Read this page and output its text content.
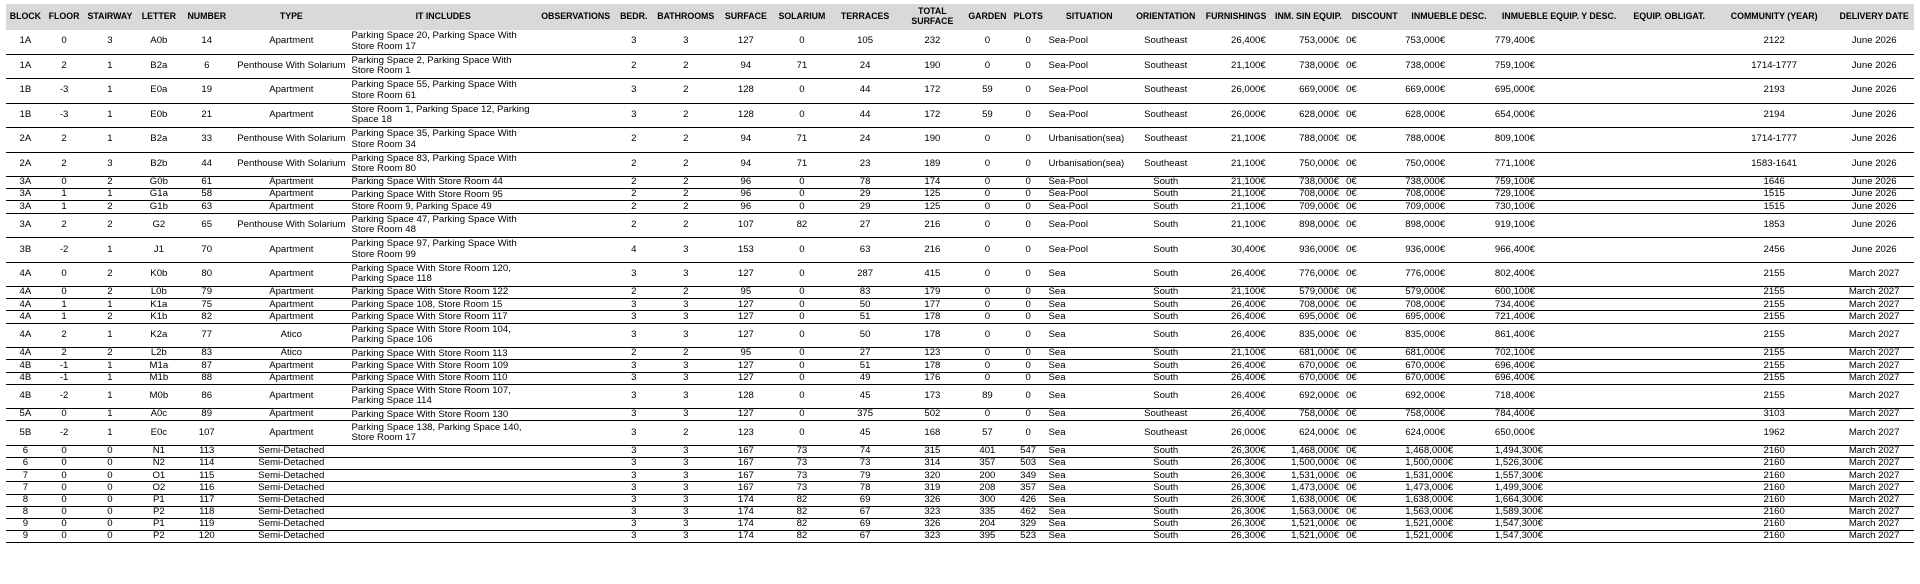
BLOCK	FLOOR	STAIRWAY	LETTER	NUMBER	TYPE	IT INCLUDES	OBSERVATIONS	BEDR.	BATHROOMS	SURFACE	SOLARIUM	TERRACES	TOTAL SURFACE	GARDEN	PLOTS	SITUATION	ORIENTATION	FURNISHINGS	INM. SIN EQUIP.	DISCOUNT	INMUEBLE DESC.	INMUEBLE EQUIP. Y DESC.	EQUIP. OBLIGAT.	COMMUNITY (YEAR)	DELIVERY DATE
1A	0	3	A0b	14	Apartment	Parking Space 20, Parking Space With Store Room 17		3	3	127	0	105	232	0	0	Sea-Pool	Southeast	26,400€	753,000€	0€	753,000€	779,400€		2122	June 2026
1A	2	1	B2a	6	Penthouse With Solarium	Parking Space 2, Parking Space With Store Room 1		2	2	94	71	24	190	0	0	Sea-Pool	Southeast	21,100€	738,000€	0€	738,000€	759,100€		1714-1777	June 2026
1B	-3	1	E0a	19	Apartment	Parking Space 55, Parking Space With Store Room 61		3	2	128	0	44	172	59	0	Sea-Pool	Southeast	26,000€	669,000€	0€	669,000€	695,000€		2193	June 2026
1B	-3	1	E0b	21	Apartment	Store Room 1, Parking Space 12, Parking Space 18		3	2	128	0	44	172	59	0	Sea-Pool	Southeast	26,000€	628,000€	0€	628,000€	654,000€		2194	June 2026
2A	2	1	B2a	33	Penthouse With Solarium	Parking Space 35, Parking Space With Store Room 34		2	2	94	71	24	190	0	0	Urbanisation(sea)	Southeast	21,100€	788,000€	0€	788,000€	809,100€		1714-1777	June 2026
2A	2	3	B2b	44	Penthouse With Solarium	Parking Space 83, Parking Space With Store Room 80		2	2	94	71	23	189	0	0	Urbanisation(sea)	Southeast	21,100€	750,000€	0€	750,000€	771,100€		1583-1641	June 2026
3A	0	2	G0b	61	Apartment	Parking Space With Store Room 44		2	2	96	0	78	174	0	0	Sea-Pool	South	21,100€	738,000€	0€	738,000€	759,100€		1646	June 2026
3A	1	1	G1a	58	Apartment	Parking Space With Store Room 95		2	2	96	0	29	125	0	0	Sea-Pool	South	21,100€	708,000€	0€	708,000€	729,100€		1515	June 2026
3A	1	2	G1b	63	Apartment	Store Room 9, Parking Space 49		2	2	96	0	29	125	0	0	Sea-Pool	South	21,100€	709,000€	0€	709,000€	730,100€		1515	June 2026
3A	2	2	G2	65	Penthouse With Solarium	Parking Space 47, Parking Space With Store Room 48		2	2	107	82	27	216	0	0	Sea-Pool	South	21,100€	898,000€	0€	898,000€	919,100€		1853	June 2026
3B	-2	1	J1	70	Apartment	Parking Space 97, Parking Space With Store Room 99		4	3	153	0	63	216	0	0	Sea-Pool	South	30,400€	936,000€	0€	936,000€	966,400€		2456	June 2026
4A	0	2	K0b	80	Apartment	Parking Space With Store Room 120, Parking Space 118		3	3	127	0	287	415	0	0	Sea	South	26,400€	776,000€	0€	776,000€	802,400€		2155	March 2027
4A	0	2	L0b	79	Apartment	Parking Space With Store Room 122		2	2	95	0	83	179	0	0	Sea	South	21,100€	579,000€	0€	579,000€	600,100€		2155	March 2027
4A	1	1	K1a	75	Apartment	Parking Space 108, Store Room 15		3	3	127	0	50	177	0	0	Sea	South	26,400€	708,000€	0€	708,000€	734,400€		2155	March 2027
4A	1	2	K1b	82	Apartment	Parking Space With Store Room 117		3	3	127	0	51	178	0	0	Sea	South	26,400€	695,000€	0€	695,000€	721,400€		2155	March 2027
4A	2	1	K2a	77	Atico	Parking Space With Store Room 104, Parking Space 106		3	3	127	0	50	178	0	0	Sea	South	26,400€	835,000€	0€	835,000€	861,400€		2155	March 2027
4A	2	2	L2b	83	Atico	Parking Space With Store Room 113		2	2	95	0	27	123	0	0	Sea	South	21,100€	681,000€	0€	681,000€	702,100€		2155	March 2027
4B	-1	1	M1a	87	Apartment	Parking Space With Store Room 109		3	3	127	0	51	178	0	0	Sea	South	26,400€	670,000€	0€	670,000€	696,400€		2155	March 2027
4B	-1	1	M1b	88	Apartment	Parking Space With Store Room 110		3	3	127	0	49	176	0	0	Sea	South	26,400€	670,000€	0€	670,000€	696,400€		2155	March 2027
4B	-2	1	M0b	86	Apartment	Parking Space With Store Room 107, Parking Space 114		3	3	128	0	45	173	89	0	Sea	South	26,400€	692,000€	0€	692,000€	718,400€		2155	March 2027
5A	0	1	A0c	89	Apartment	Parking Space With Store Room 130		3	3	127	0	375	502	0	0	Sea	Southeast	26,400€	758,000€	0€	758,000€	784,400€		3103	March 2027
5B	-2	1	E0c	107	Apartment	Parking Space 138, Parking Space 140, Store Room 17		3	2	123	0	45	168	57	0	Sea	Southeast	26,000€	624,000€	0€	624,000€	650,000€		1962	March 2027
6	0	0	N1	113	Semi-Detached			3	3	167	73	74	315	401	547	Sea	South	26,300€	1,468,000€	0€	1,468,000€	1,494,300€		2160	March 2027
6	0	0	N2	114	Semi-Detached			3	3	167	73	73	314	357	503	Sea	South	26,300€	1,500,000€	0€	1,500,000€	1,526,300€		2160	March 2027
7	0	0	O1	115	Semi-Detached			3	3	167	73	79	320	200	349	Sea	South	26,300€	1,531,000€	0€	1,531,000€	1,557,300€		2160	March 2027
7	0	0	O2	116	Semi-Detached			3	3	167	73	78	319	208	357	Sea	South	26,300€	1,473,000€	0€	1,473,000€	1,499,300€		2160	March 2027
8	0	0	P1	117	Semi-Detached			3	3	174	82	69	326	300	426	Sea	South	26,300€	1,638,000€	0€	1,638,000€	1,664,300€		2160	March 2027
8	0	0	P2	118	Semi-Detached			3	3	174	82	67	323	335	462	Sea	South	26,300€	1,563,000€	0€	1,563,000€	1,589,300€		2160	March 2027
9	0	0	P1	119	Semi-Detached			3	3	174	82	69	326	204	329	Sea	South	26,300€	1,521,000€	0€	1,521,000€	1,547,300€		2160	March 2027
9	0	0	P2	120	Semi-Detached			3	3	174	82	67	323	395	523	Sea	South	26,300€	1,521,000€	0€	1,521,000€	1,547,300€		2160	March 2027
